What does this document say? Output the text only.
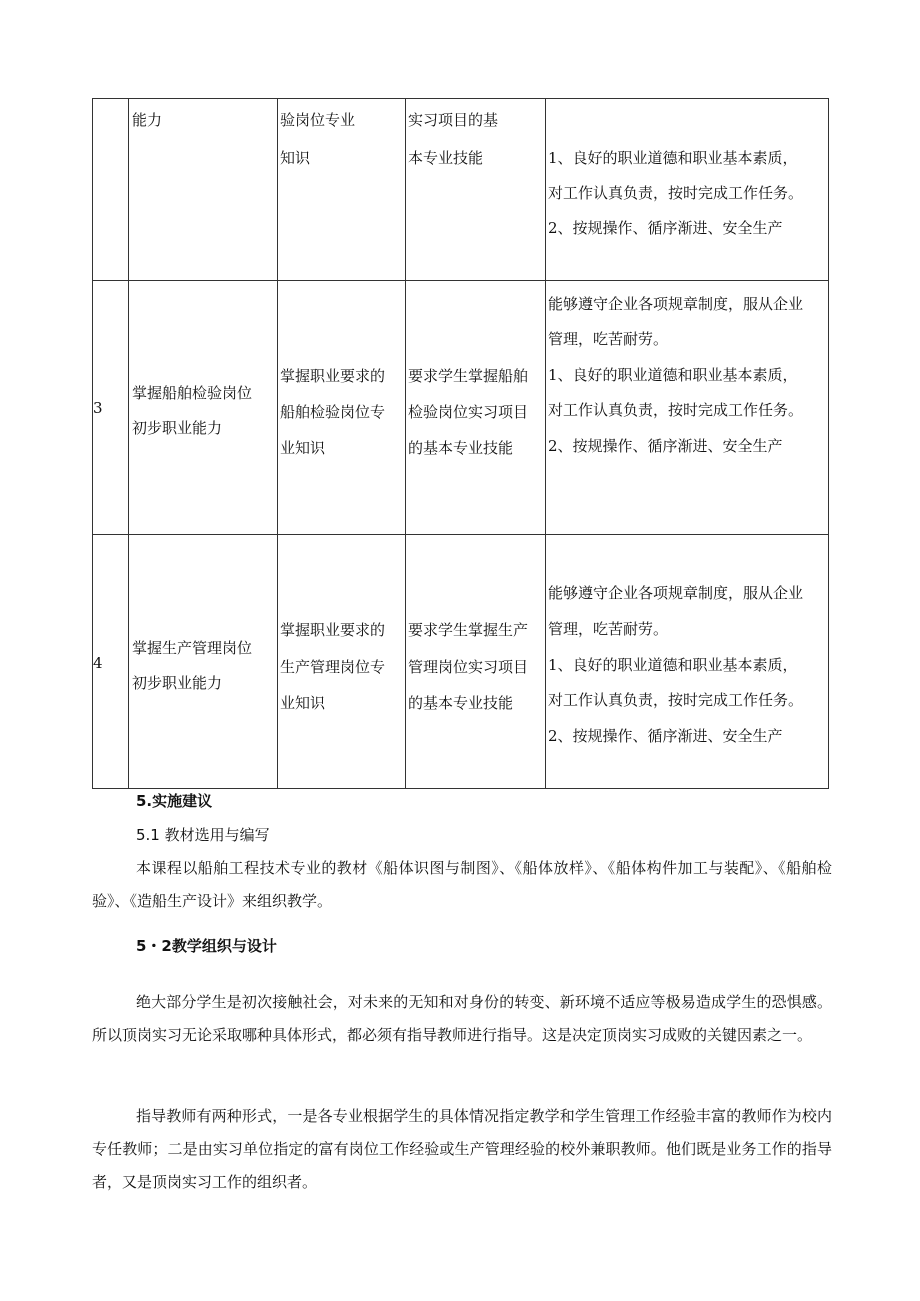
能力	验岗位专业
知识
实习项目的基
本专业技能	1、良好的职业道德和职业基本素质，
对工作认真负责，按时完成工作任务。
2、按规操作、循序渐进、安全生产
3
掌握船舶检验岗位
初步职业能力
掌握职业要求的
船舶检验岗位专
业知识
要求学生掌握船舶
检验岗位实习项目
的基本专业技能
能够遵守企业各项规章制度，服从企业
管理，吃苦耐劳。
1、良好的职业道德和职业基本素质，
对工作认真负责，按时完成工作任务。
2、按规操作、循序渐进、安全生产
4
掌握生产管理岗位
初步职业能力
掌握职业要求的
生产管理岗位专
业知识
要求学生掌握生产
管理岗位实习项目
的基本专业技能
能够遵守企业各项规章制度，服从企业
管理，吃苦耐劳。
1、良好的职业道德和职业基本素质，
对工作认真负责，按时完成工作任务。
2、按规操作、循序渐进、安全生产
5.实施建议
5.1 教材选用与编写
本课程以船舶工程技术专业的教材《船体识图与制图》、《船体放样》、《船体构件加工与装配》、《船舶检验》、《造船生产设计》来组织教学。
5・2教学组织与设计
绝大部分学生是初次接触社会，对未来的无知和对身份的转变、新环境不适应等极易造成学生的恐惧感。所以顶岗实习无论采取哪种具体形式，都必须有指导教师进行指导。这是决定顶岗实习成败的关键因素之一。
指导教师有两种形式，一是各专业根据学生的具体情况指定教学和学生管理工作经验丰富的教师作为校内专任教师；二是由实习单位指定的富有岗位工作经验或生产管理经验的校外兼职教师。他们既是业务工作的指导者，又是顶岗实习工作的组织者。
